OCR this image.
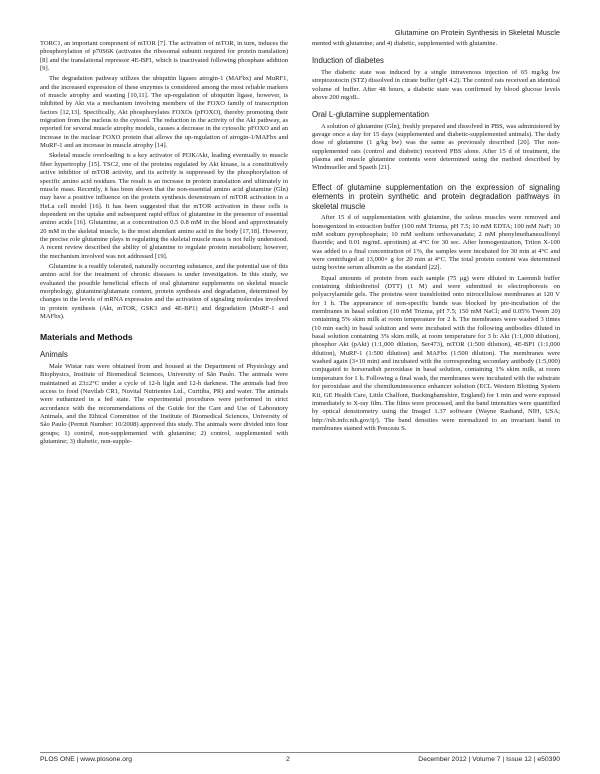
Glutamine on Protein Synthesis in Skeletal Muscle

TORC1, an important component of mTOR [7]. The activation of mTOR, in turn, induces the phosphorylation of p70S6K (activates the ribosomal subunit required for protein translation) [8] and the translational repressor 4E-BP1, which is inactivated following phosphate addition [9].

The degradation pathway utilizes the ubiquitin ligases atrogin-1 (MAFbx) and MuRF1, and the increased expression of these enzymes is considered among the most reliable markers of muscle atrophy and wasting [10,11]. The up-regulation of ubiquitin ligase, however, is inhibited by Akt via a mechanism involving members of the FOXO family of transcription factors [12,13]. Specifically, Akt phosphorylates FOXOs (pFOXO), thereby promoting their migration from the nucleus to the cytosol. The reduction in the activity of the Akt pathway, as reported for several muscle atrophy models, causes a decrease in the cytosolic pFOXO and an increase in the nuclear FOXO protein that allows the up-regulation of atrogin-1/MAFbx and MuRF-1 and an increase in muscle atrophy [14].

Skeletal muscle overloading is a key activator of PI3K/Akt, leading eventually to muscle fiber hypertrophy [15]. TSC2, one of the proteins regulated by Akt kinase, is a constitutively active inhibitor of mTOR activity, and its activity is suppressed by the phosphorylation of specific amino acid residues. The result is an increase in protein translation and ultimately in muscle mass. Recently, it has been shown that the non-essential amino acid glutamine (Gln) may have a positive influence on the protein synthesis downstream of mTOR activation in a HeLa cell model [16]. It has been suggested that the mTOR activation in these cells is dependent on the uptake and subsequent rapid efflux of glutamine in the presence of essential amino acids [16]. Glutamine, at a concentration 0.5 0.8 mM in the blood and approximately 20 mM in the skeletal muscle, is the most abundant amino acid in the body [17,18]. However, the precise role glutamine plays in regulating the skeletal muscle mass is not fully understood. A recent review described the ability of glutamine to regulate protein metabolism; however, the mechanism involved was not addressed [19].

Glutamine is a readily tolerated, naturally occurring substance, and the potential use of this amino acid for the treatment of chronic diseases is under investigation. In this study, we evaluated the possible beneficial effects of oral glutamine supplements on skeletal muscle morphology, glutamine/glutamate content, protein synthesis and degradation, determined by changes in the levels of mRNA expression and the activation of signaling molecules involved in protein synthesis (Akt, mTOR, GSK3 and 4E-BP1) and degradation (MuRF-1 and MAFbx).

Materials and Methods
Animals

Male Wistar rats were obtained from and housed at the Department of Physiology and Biophysics, Institute of Biomedical Sciences, University of São Paulo. The animals were maintained at 23±2°C under a cycle of 12-h light and 12-h darkness. The animals had free access to food (Nuvilab CR1, Nuvital Nutrientes Ltd., Curitiba, PR) and water. The animals were euthanized in a fed state. The experimental procedures were performed in strict accordance with the recommendations of the Guide for the Care and Use of Laboratory Animals, and the Ethical Committee of the Institute of Biomedical Sciences, University of São Paulo (Permit Number: 10/2008) approved this study. The animals were divided into four groups; 1) control, non-supplemented with glutamine; 2) control, supplemented with glutamine; 3) diabetic, non-supple-

mented with glutamine; and 4) diabetic, supplemented with glutamine.

Induction of diabetes

The diabetic state was induced by a single intravenous injection of 65 mg/kg bw streptozotocin (STZ) dissolved in citrate buffer (pH 4.2). The control rats received an identical volume of buffer. After 48 hours, a diabetic state was confirmed by blood glucose levels above 200 mg/dL.

Oral L-glutamine supplementation

A solution of glutamine (Gln), freshly prepared and dissolved in PBS, was administered by gavage once a day for 15 days (supplemented and diabetic-supplemented animals). The daily dose of glutamine (1 g/kg bw) was the same as previously described [20]. The non-supplemented rats (control and diabetic) received PBS alone. After 15 d of treatment, the plasma and muscle glutamine contents were determined using the method described by Windmueller and Spaeth [21].

Effect of glutamine supplementation on the expression of signaling elements in protein synthetic and protein degradation pathways in skeletal muscle

After 15 d of supplementation with glutamine, the soleus muscles were removed and homogenized in extraction buffer (100 mM Trizma, pH 7.5; 10 mM EDTA; 100 mM NaF; 10 mM sodium pyrophosphate; 10 mM sodium orthovanadate; 2 mM phenylmethanesulfonyl fluoride; and 0.01 mg/mL aprotinin) at 4°C for 30 sec. After homogenization, Triton X-100 was added to a final concentration of 1%, the samples were incubated for 30 min at 4°C and were centrifuged at 13,000× g for 20 min at 4°C. The total protein content was determined using bovine serum albumin as the standard [22].

Equal amounts of protein from each sample (75 µg) were diluted in Laemmli buffer containing dithiothreitol (DTT) (1 M) and were submitted to electrophoresis on polyacrylamide gels. The proteins were transblotted onto nitrocellulose membranes at 120 V for 1 h. The appearance of non-specific bands was blocked by pre-incubation of the membranes in basal solution (10 mM Trizma, pH 7.5; 150 mM NaCl; and 0.05% Tween 20) containing 5% skim milk at room temperature for 2 h. The membranes were washed 3 times (10 min each) in basal solution and were incubated with the following antibodies diluted in basal solution containing 3% skim milk, at room temperature for 3 h: Akt (1:1,000 dilution), phosphor Akt (pAkt) (1:1,000 dilution, Ser473), mTOR (1:500 dilution), 4E-BP1 (1:1,000 dilution), MuRF-1 (1:500 dilution) and MAFbx (1:500 dilution). The membranes were washed again (3×10 min) and incubated with the corresponding secondary antibody (1:5,000) conjugated to horseradish peroxidase in basal solution, containing 1% skim milk, at room temperature for 1 h. Following a final wash, the membranes were incubated with the substrate for peroxidase and the chemiluminescence enhancer solution (ECL Western Blotting System Kit, GE Health Care, Little Chalfont, Buckinghamshire, England) for 1 min and were exposed immediately to X-ray film. The films were processed, and the band intensities were quantified by optical densitometry using the ImageJ 1.37 software (Wayne Rasband, NIH, USA; http://rsb.info.nih.gov/ij/). The band densities were normalized to an invariant band in membranes stained with Ponceau S.

PLOS ONE | www.plosone.org	2	December 2012 | Volume 7 | Issue 12 | e50390
